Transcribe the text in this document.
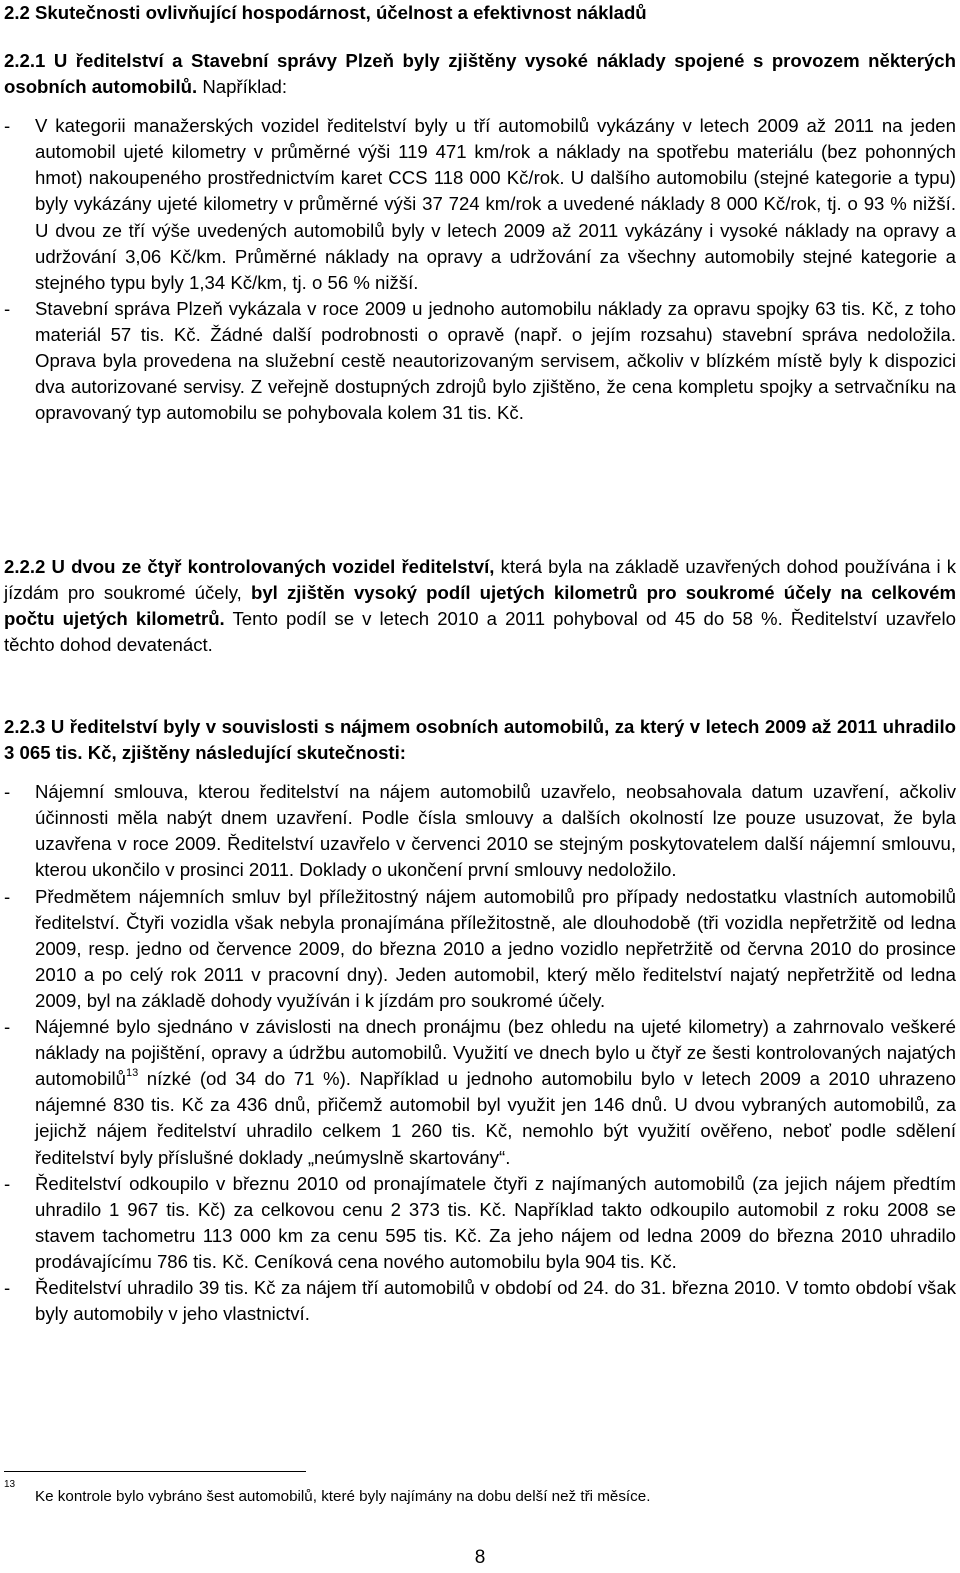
2.2 Skutečnosti ovlivňující hospodárnost, účelnost a efektivnost nákladů
2.2.1 U ředitelství a Stavební správy Plzeň byly zjištěny vysoké náklady spojené s provozem některých osobních automobilů. Například:
- V kategorii manažerských vozidel ředitelství byly u tří automobilů vykázány v letech 2009 až 2011 na jeden automobil ujeté kilometry v průměrné výši 119 471 km/rok a náklady na spotřebu materiálu (bez pohonných hmot) nakoupeného prostřednictvím karet CCS 118 000 Kč/rok. U dalšího automobilu (stejné kategorie a typu) byly vykázány ujeté kilometry v průměrné výši 37 724 km/rok a uvedené náklady 8 000 Kč/rok, tj. o 93 % nižší. U dvou ze tří výše uvedených automobilů byly v letech 2009 až 2011 vykázány i vysoké náklady na opravy a udržování 3,06 Kč/km. Průměrné náklady na opravy a udržování za všechny automobily stejné kategorie a stejného typu byly 1,34 Kč/km, tj. o 56 % nižší.
- Stavební správa Plzeň vykázala v roce 2009 u jednoho automobilu náklady za opravu spojky 63 tis. Kč, z toho materiál 57 tis. Kč. Žádné další podrobnosti o opravě (např. o jejím rozsahu) stavební správa nedoložila. Oprava byla provedena na služební cestě neautorizovaným servisem, ačkoliv v blízkém místě byly k dispozici dva autorizované servisy. Z veřejně dostupných zdrojů bylo zjištěno, že cena kompletu spojky a setrvačníku na opravovaný typ automobilu se pohybovala kolem 31 tis. Kč.
2.2.2 U dvou ze čtyř kontrolovaných vozidel ředitelství, která byla na základě uzavřených dohod používána i k jízdám pro soukromé účely, byl zjištěn vysoký podíl ujetých kilometrů pro soukromé účely na celkovém počtu ujetých kilometrů. Tento podíl se v letech 2010 a 2011 pohyboval od 45 do 58 %. Ředitelství uzavřelo těchto dohod devatenáct.
2.2.3 U ředitelství byly v souvislosti s nájmem osobních automobilů, za který v letech 2009 až 2011 uhradilo 3 065 tis. Kč, zjištěny následující skutečnosti:
- Nájemní smlouva, kterou ředitelství na nájem automobilů uzavřelo, neobsahovala datum uzavření, ačkoliv účinnosti měla nabýt dnem uzavření. Podle čísla smlouvy a dalších okolností lze pouze usuzovat, že byla uzavřena v roce 2009. Ředitelství uzavřelo v červenci 2010 se stejným poskytovatelem další nájemní smlouvu, kterou ukončilo v prosinci 2011. Doklady o ukončení první smlouvy nedoložilo.
- Předmětem nájemních smluv byl příležitostný nájem automobilů pro případy nedostatku vlastních automobilů ředitelství. Čtyři vozidla však nebyla pronajímána příležitostně, ale dlouhodobě (tři vozidla nepřetržitě od ledna 2009, resp. jedno od července 2009, do března 2010 a jedno vozidlo nepřetržitě od června 2010 do prosince 2010 a po celý rok 2011 v pracovní dny). Jeden automobil, který mělo ředitelství najatý nepřetržitě od ledna 2009, byl na základě dohody využíván i k jízdám pro soukromé účely.
- Nájemné bylo sjednáno v závislosti na dnech pronájmu (bez ohledu na ujeté kilometry) a zahrnovalo veškeré náklady na pojištění, opravy a údržbu automobilů. Využití ve dnech bylo u čtyř ze šesti kontrolovaných najatých automobilů$^{13}$ nízké (od 34 do 71 %). Například u jednoho automobilu bylo v letech 2009 a 2010 uhrazeno nájemné 830 tis. Kč za 436 dnů, přičemž automobil byl využit jen 146 dnů. U dvou vybraných automobilů, za jejichž nájem ředitelství uhradilo celkem 1 260 tis. Kč, nemohlo být využití ověřeno, neboť podle sdělení ředitelství byly příslušné doklady „neúmyslně skartovány“.
- Ředitelství odkoupilo v březnu 2010 od pronajímatele čtyři z najímaných automobilů (za jejich nájem předtím uhradilo 1 967 tis. Kč) za celkovou cenu 2 373 tis. Kč. Například takto odkoupilo automobil z roku 2008 se stavem tachometru 113 000 km za cenu 595 tis. Kč. Za jeho nájem od ledna 2009 do března 2010 uhradilo prodávajícímu 786 tis. Kč. Ceníková cena nového automobilu byla 904 tis. Kč.
- Ředitelství uhradilo 39 tis. Kč za nájem tří automobilů v období od 24. do 31. března 2010. V tomto období však byly automobily v jeho vlastnictví.
$^{13}$
Ke kontrole bylo vybráno šest automobilů, které byly najímány na dobu delší než tři měsíce.
8
